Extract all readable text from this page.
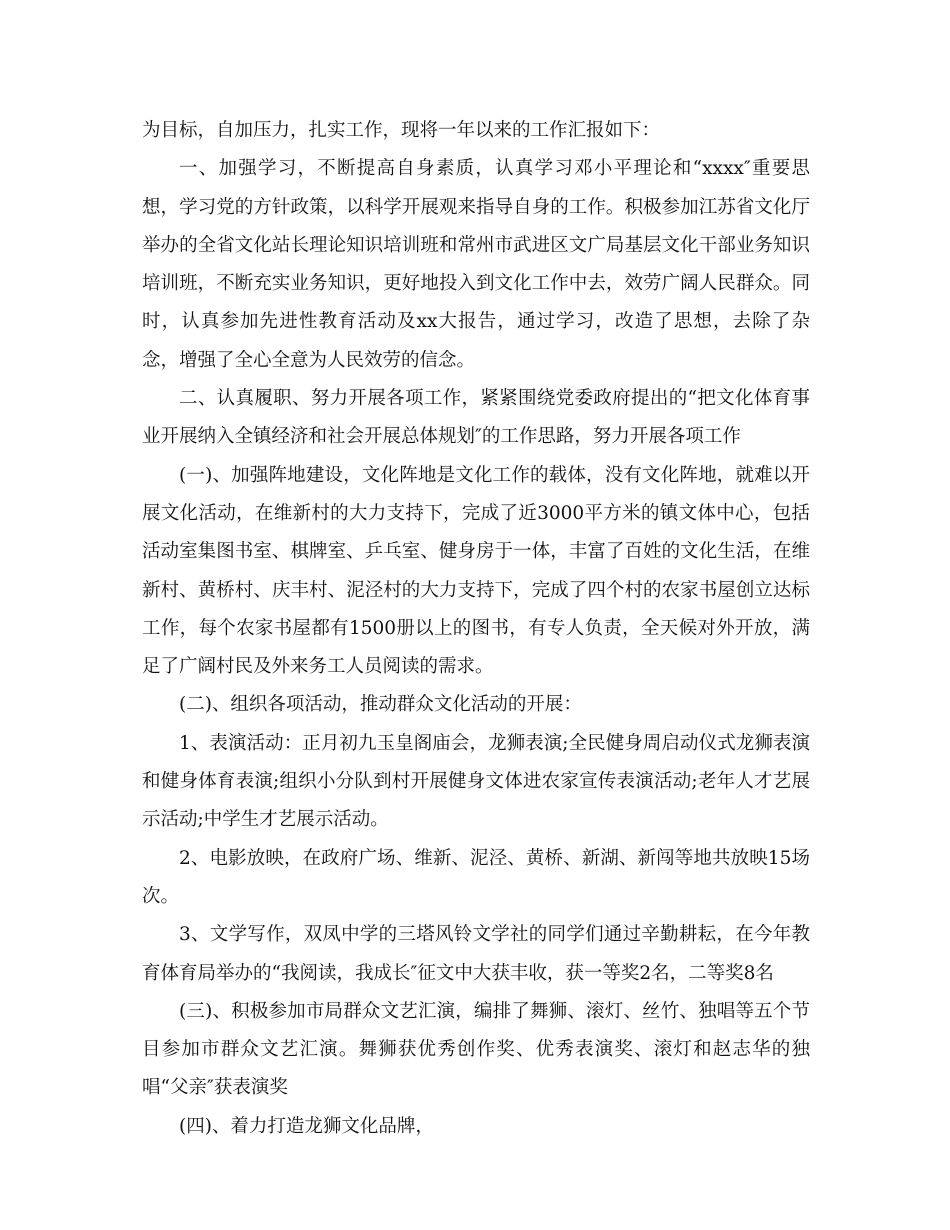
为目标，自加压力，扎实工作，现将一年以来的工作汇报如下：

一、加强学习，不断提高自身素质，认真学习邓小平理论和“xxxx″重要思想，学习党的方针政策，以科学开展观来指导自身的工作。积极参加江苏省文化厅举办的全省文化站长理论知识培训班和常州市武进区文广局基层文化干部业务知识培训班，不断充实业务知识，更好地投入到文化工作中去，效劳广阔人民群众。同时，认真参加先进性教育活动及xx大报告，通过学习，改造了思想，去除了杂念，增强了全心全意为人民效劳的信念。

二、认真履职、努力开展各项工作，紧紧围绕党委政府提出的“把文化体育事业开展纳入全镇经济和社会开展总体规划″的工作思路，努力开展各项工作

(一)、加强阵地建设，文化阵地是文化工作的载体，没有文化阵地，就难以开展文化活动，在维新村的大力支持下，完成了近3000平方米的镇文体中心，包括活动室集图书室、棋牌室、乒乓室、健身房于一体，丰富了百姓的文化生活，在维新村、黄桥村、庆丰村、泥泾村的大力支持下，完成了四个村的农家书屋创立达标工作，每个农家书屋都有1500册以上的图书，有专人负责，全天候对外开放，满足了广阔村民及外来务工人员阅读的需求。

(二)、组织各项活动，推动群众文化活动的开展：

1、表演活动：正月初九玉皇阁庙会，龙狮表演;全民健身周启动仪式龙狮表演和健身体育表演;组织小分队到村开展健身文体进农家宣传表演活动;老年人才艺展示活动;中学生才艺展示活动。

2、电影放映，在政府广场、维新、泥泾、黄桥、新湖、新闯等地共放映15场次。

3、文学写作，双凤中学的三塔风铃文学社的同学们通过辛勤耕耘，在今年教育体育局举办的“我阅读，我成长″征文中大获丰收，获一等奖2名，二等奖8名

(三)、积极参加市局群众文艺汇演，编排了舞狮、滚灯、丝竹、独唱等五个节目参加市群众文艺汇演。舞狮获优秀创作奖、优秀表演奖、滚灯和赵志华的独唱“父亲″获表演奖

(四)、着力打造龙狮文化品牌，
